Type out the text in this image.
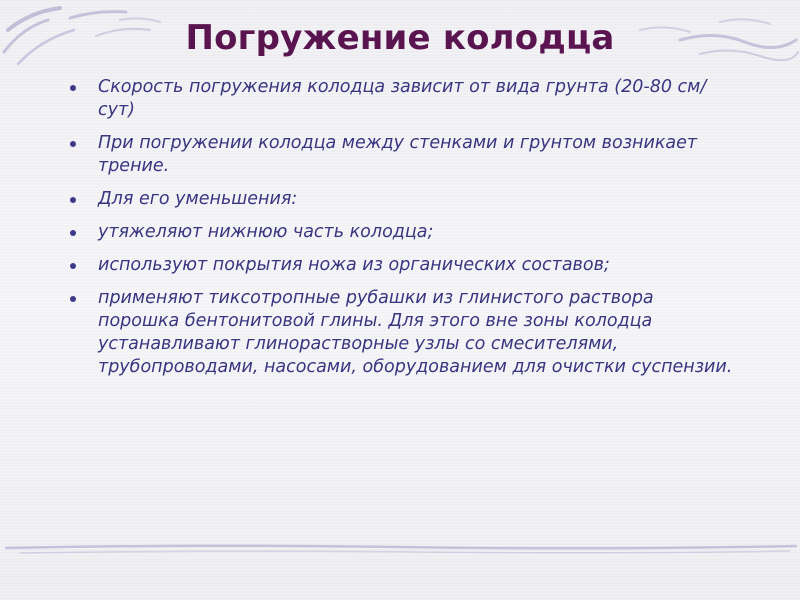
Погружение колодца
Скорость погружения колодца зависит от вида грунта (20-80 см/сут)
При погружении колодца между стенками и грунтом возникает трение.
Для его уменьшения:
утяжеляют нижнюю часть колодца;
используют покрытия ножа из органических составов;
применяют тиксотропные рубашки из глинистого раствора порошка бентонитовой глины. Для этого вне зоны колодца устанавливают глинорастворные узлы со смесителями, трубопроводами, насосами, оборудованием для очистки суспензии.
